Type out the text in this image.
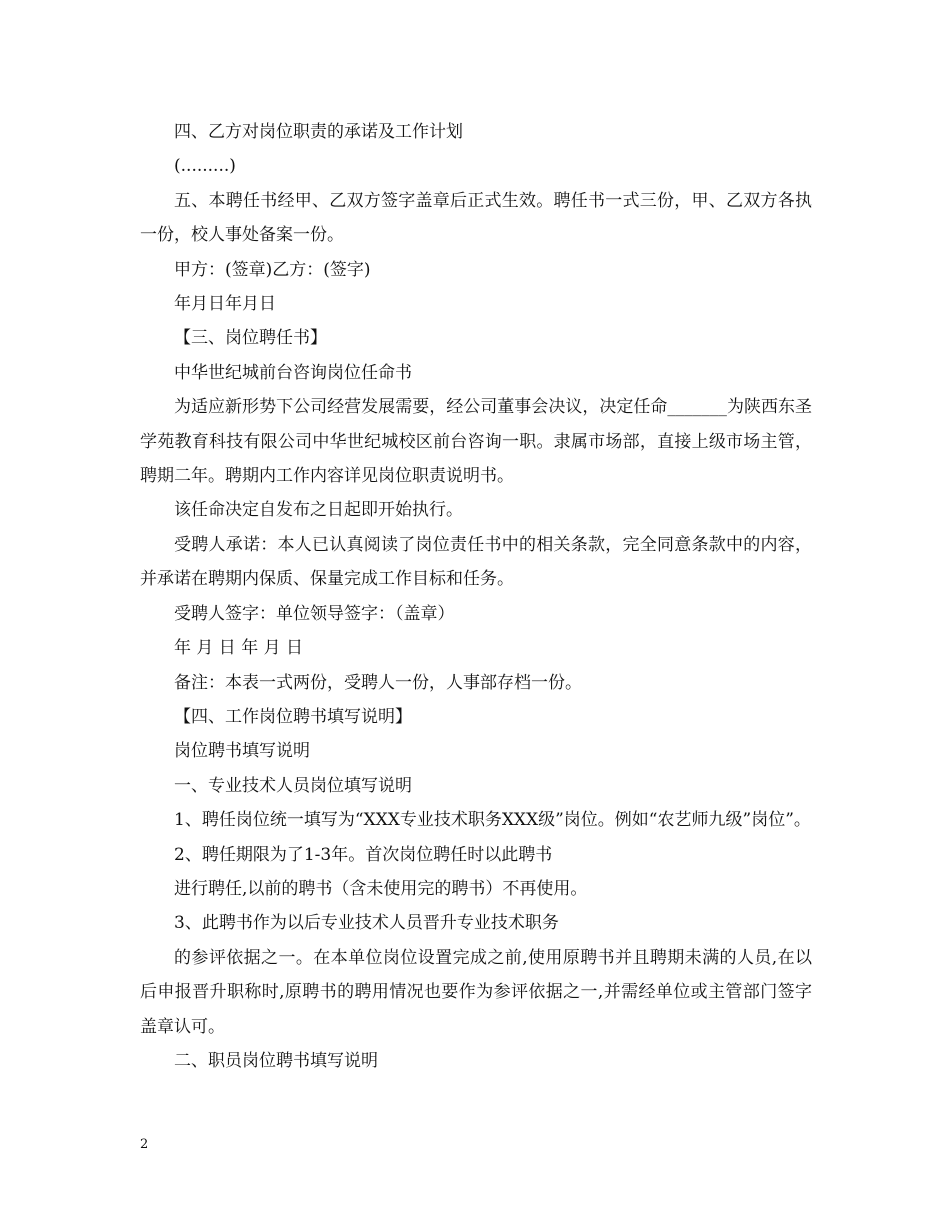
四、乙方对岗位职责的承诺及工作计划

(.........)

五、本聘任书经甲、乙双方签字盖章后正式生效。聘任书一式三份，甲、乙双方各执一份，校人事处备案一份。

甲方：(签章)乙方：(签字)

年月日年月日

【三、岗位聘任书】

中华世纪城前台咨询岗位任命书

为适应新形势下公司经营发展需要，经公司董事会决议，决定任命_______为陕西东圣学苑教育科技有限公司中华世纪城校区前台咨询一职。隶属市场部，直接上级市场主管，聘期二年。聘期内工作内容详见岗位职责说明书。

该任命决定自发布之日起即开始执行。

受聘人承诺：本人已认真阅读了岗位责任书中的相关条款，完全同意条款中的内容，并承诺在聘期内保质、保量完成工作目标和任务。

受聘人签字：单位领导签字：（盖章）

年 月 日 年 月 日

备注：本表一式两份，受聘人一份，人事部存档一份。

【四、工作岗位聘书填写说明】

岗位聘书填写说明

一、专业技术人员岗位填写说明

1、聘任岗位统一填写为“XXX专业技术职务XXX级”岗位。例如“农艺师九级”岗位”。

2、聘任期限为了1-3年。首次岗位聘任时以此聘书

进行聘任,以前的聘书（含未使用完的聘书）不再使用。

3、此聘书作为以后专业技术人员晋升专业技术职务

的参评依据之一。在本单位岗位设置完成之前,使用原聘书并且聘期未满的人员,在以后申报晋升职称时,原聘书的聘用情况也要作为参评依据之一,并需经单位或主管部门签字盖章认可。

二、职员岗位聘书填写说明

2
